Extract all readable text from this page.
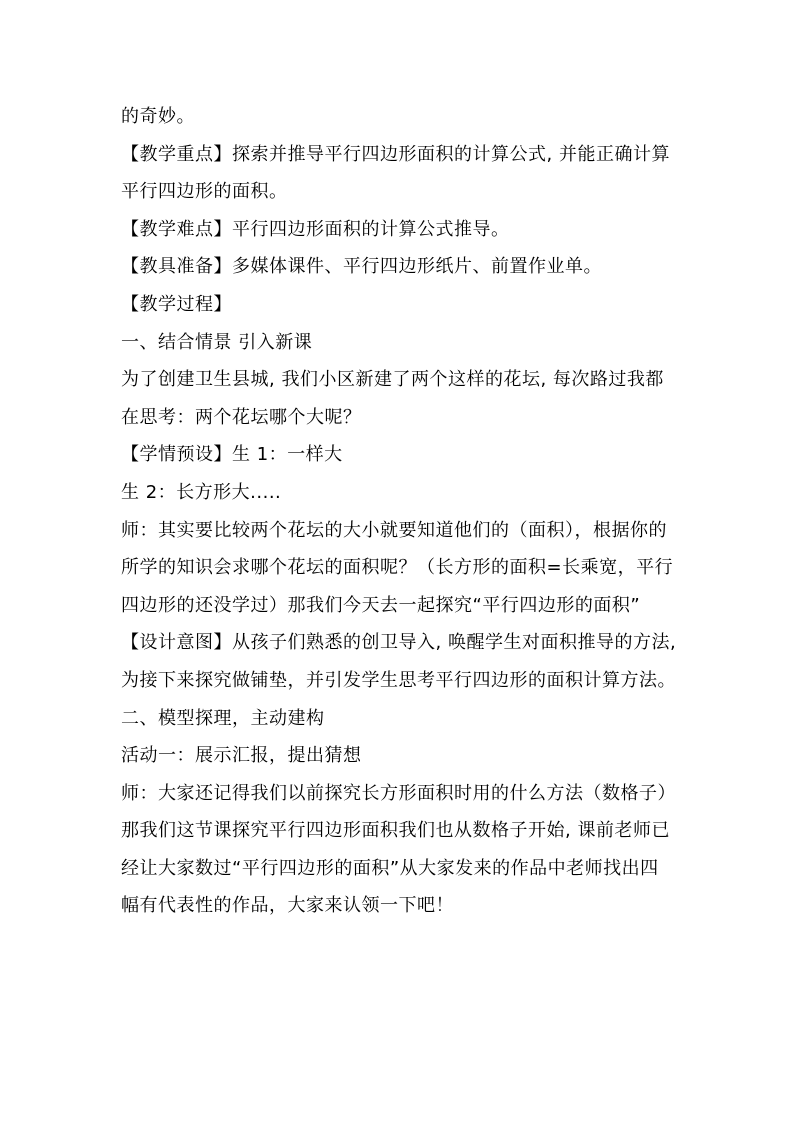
的奇妙。
【教学重点】探索并推导平行四边形面积的计算公式, 并能正确计算
平行四边形的面积。
【教学难点】平行四边形面积的计算公式推导。
【教具准备】多媒体课件、平行四边形纸片、前置作业单。
【教学过程】
一、结合情景 引入新课
为了创建卫生县城, 我们小区新建了两个这样的花坛, 每次路过我都
在思考：两个花坛哪个大呢？
【学情预设】生 1：一样大
生 2：长方形大.....
师：其实要比较两个花坛的大小就要知道他们的（面积），根据你的
所学的知识会求哪个花坛的面积呢？（长方形的面积=长乘宽，平行
四边形的还没学过）那我们今天去一起探究“平行四边形的面积”
【设计意图】从孩子们熟悉的创卫导入, 唤醒学生对面积推导的方法,
为接下来探究做铺垫，并引发学生思考平行四边形的面积计算方法。
二、模型探理，主动建构
活动一：展示汇报，提出猜想
师：大家还记得我们以前探究长方形面积时用的什么方法（数格子）
那我们这节课探究平行四边形面积我们也从数格子开始, 课前老师已
经让大家数过“平行四边形的面积”从大家发来的作品中老师找出四
幅有代表性的作品，大家来认领一下吧！
